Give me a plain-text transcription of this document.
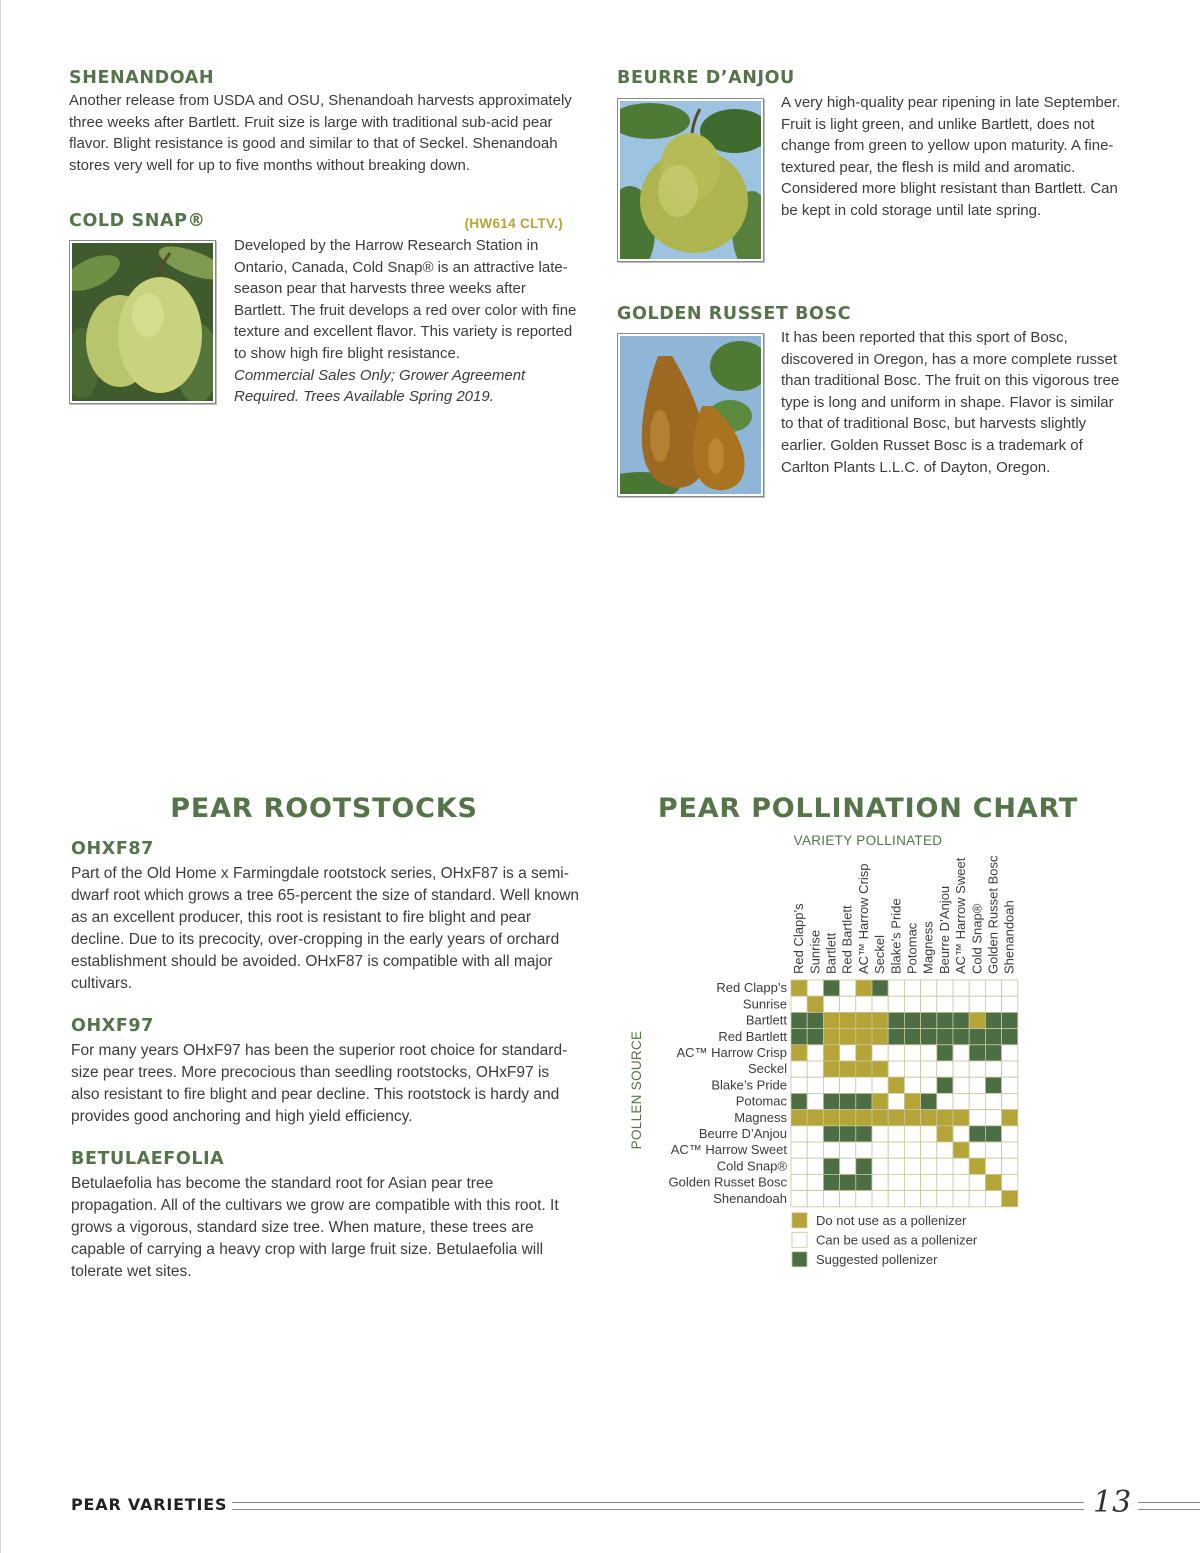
SHENANDOAH

Another release from USDA and OSU, Shenandoah harvests approximately three weeks after Bartlett. Fruit size is large with traditional sub-acid pear flavor. Blight resistance is good and similar to that of Seckel. Shenandoah stores very well for up to five months without breaking down.

COLD SNAP®	(HW614 CLTV.)

Developed by the Harrow Research Station in Ontario, Canada, Cold Snap® is an attractive late-season pear that harvests three weeks after Bartlett. The fruit develops a red over color with fine texture and excellent flavor. This variety is reported to show high fire blight resistance.

Commercial Sales Only; Grower Agreement Required. Trees Available Spring 2019.

BEURRE D’ANJOU

A very high-quality pear ripening in late September. Fruit is light green, and unlike Bartlett, does not change from green to yellow upon maturity. A fine-textured pear, the flesh is mild and aromatic. Considered more blight resistant than Bartlett. Can be kept in cold storage until late spring.

GOLDEN RUSSET BOSC

It has been reported that this sport of Bosc, discovered in Oregon, has a more complete russet than traditional Bosc. The fruit on this vigorous tree type is long and uniform in shape. Flavor is similar to that of traditional Bosc, but harvests slightly earlier. Golden Russet Bosc is a trademark of Carlton Plants L.L.C. of Dayton, Oregon.

PEAR ROOTSTOCKS
OHXF87

Part of the Old Home x Farmingdale rootstock series, OHxF87 is a semi-dwarf root which grows a tree 65-percent the size of standard. Well known as an excellent producer, this root is resistant to fire blight and pear decline. Due to its precocity, over-cropping in the early years of orchard establishment should be avoided. OHxF87 is compatible with all major cultivars.

OHXF97

For many years OHxF97 has been the superior root choice for standard-size pear trees. More precocious than seedling rootstocks, OHxF97 is also resistant to fire blight and pear decline. This rootstock is hardy and provides good anchoring and high yield efficiency.

BETULAEFOLIA

Betulaefolia has become the standard root for Asian pear tree propagation. All of the cultivars we grow are compatible with this root. It grows a vigorous, standard size tree. When mature, these trees are capable of carrying a heavy crop with large fruit size. Betulaefolia will tolerate wet sites.

PEAR POLLINATION CHART
VARIETY POLLINATED
POLLEN SOURCE
Red Clapp’s Sunrise Bartlett Red Bartlett AC™ Harrow Crisp Seckel Blake’s Pride Potomac Magness Beurre D’Anjou AC™ Harrow Sweet Cold Snap® Golden Russet Bosc Shenandoah
Red Clapp’s
Sunrise
Bartlett
Red Bartlett
AC™ Harrow Crisp
Seckel
Blake’s Pride
Potomac
Magness
Beurre D’Anjou
AC™ Harrow Sweet
Cold Snap®
Golden Russet Bosc
Shenandoah
Do not use as a pollenizer
Can be used as a pollenizer
Suggested pollenizer
PEAR VARIETIES	13
